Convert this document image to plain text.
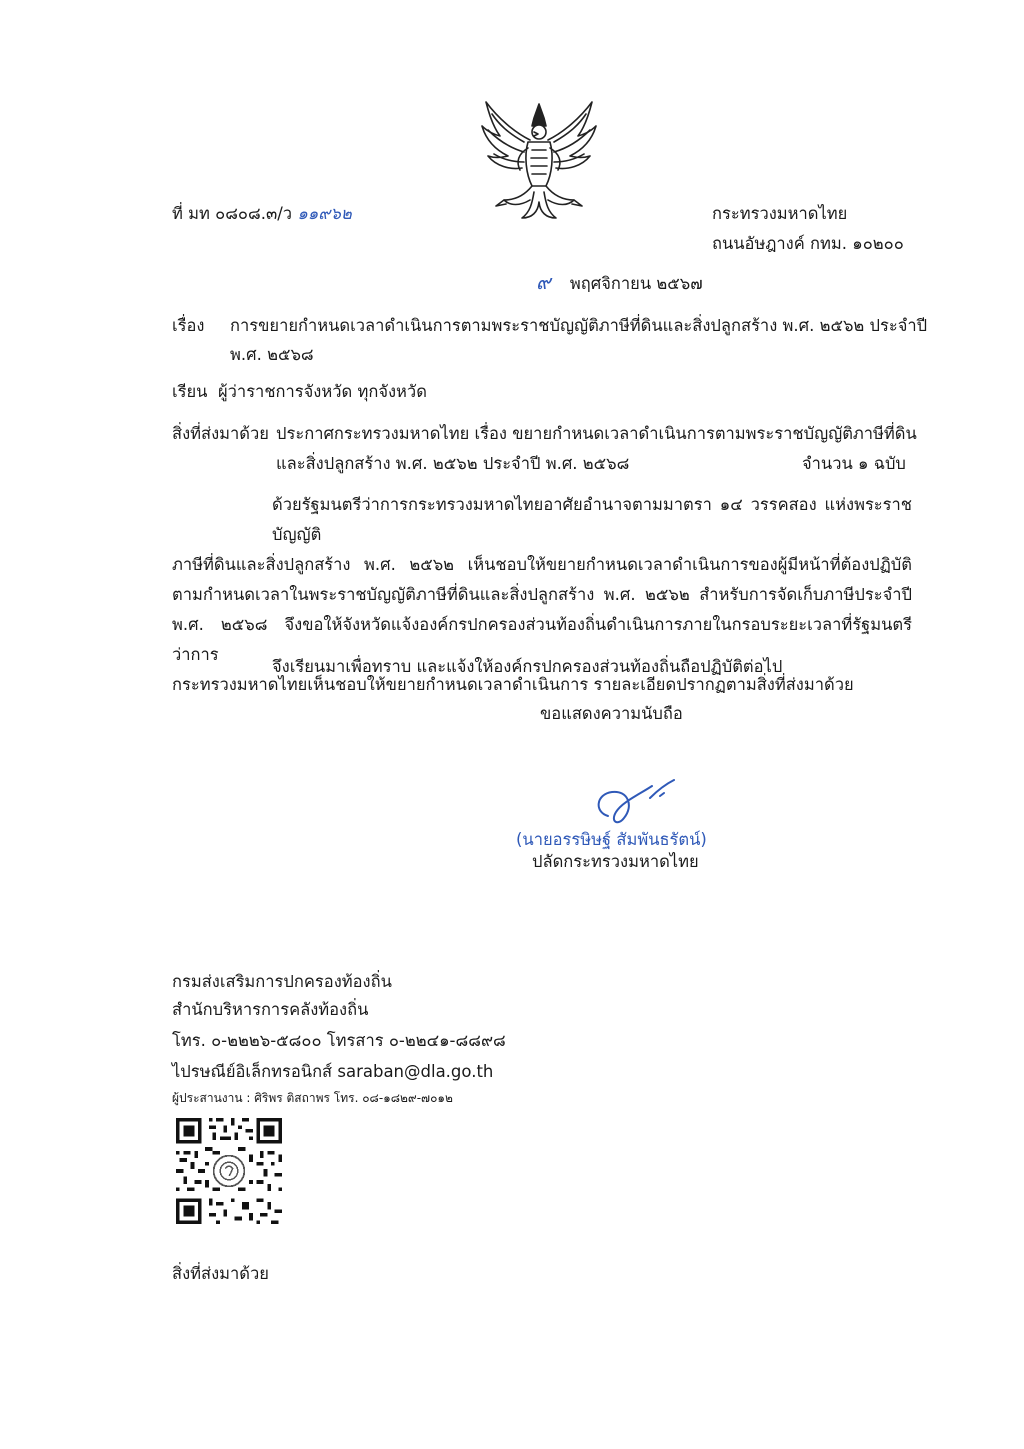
ที่ มท ๐๘๐๘.๓/ว ๑๑๙๖๒	กระทรวงมหาดไทย
ถนนอัษฎางค์ กทม. ๑๐๒๐๐
๙ พฤศจิกายน ๒๕๖๗
เรื่อง การขยายกำหนดเวลาดำเนินการตามพระราชบัญญัติภาษีที่ดินและสิ่งปลูกสร้าง พ.ศ. ๒๕๖๒ ประจำปี
พ.ศ. ๒๕๖๘
เรียน ผู้ว่าราชการจังหวัด ทุกจังหวัด
สิ่งที่ส่งมาด้วย ประกาศกระทรวงมหาดไทย เรื่อง ขยายกำหนดเวลาดำเนินการตามพระราชบัญญัติภาษีที่ดิน
และสิ่งปลูกสร้าง พ.ศ. ๒๕๖๒ ประจำปี พ.ศ. ๒๕๖๘	จำนวน ๑ ฉบับ
ด้วยรัฐมนตรีว่าการกระทรวงมหาดไทยอาศัยอำนาจตามมาตรา ๑๔ วรรคสอง แห่งพระราชบัญญัติ
ภาษีที่ดินและสิ่งปลูกสร้าง พ.ศ. ๒๕๖๒ เห็นชอบให้ขยายกำหนดเวลาดำเนินการของผู้มีหน้าที่ต้องปฏิบัติ
ตามกำหนดเวลาในพระราชบัญญัติภาษีที่ดินและสิ่งปลูกสร้าง พ.ศ. ๒๕๖๒ สำหรับการจัดเก็บภาษีประจำปี
พ.ศ. ๒๕๖๘ จึงขอให้จังหวัดแจ้งองค์กรปกครองส่วนท้องถิ่นดำเนินการภายในกรอบระยะเวลาที่รัฐมนตรีว่าการ
กระทรวงมหาดไทยเห็นชอบให้ขยายกำหนดเวลาดำเนินการ รายละเอียดปรากฏตามสิ่งที่ส่งมาด้วย
จึงเรียนมาเพื่อทราบ และแจ้งให้องค์กรปกครองส่วนท้องถิ่นถือปฏิบัติต่อไป
ขอแสดงความนับถือ
(นายอรรษิษฐ์ สัมพันธรัตน์)
ปลัดกระทรวงมหาดไทย
กรมส่งเสริมการปกครองท้องถิ่น
สำนักบริหารการคลังท้องถิ่น
โทร. ๐-๒๒๒๖-๕๘๐๐ โทรสาร ๐-๒๒๔๑-๘๘๙๘
ไปรษณีย์อิเล็กทรอนิกส์ saraban@dla.go.th
ผู้ประสานงาน : ศิริพร ติสถาพร โทร. ๐๘-๑๘๒๙-๗๐๑๒
สิ่งที่ส่งมาด้วย
